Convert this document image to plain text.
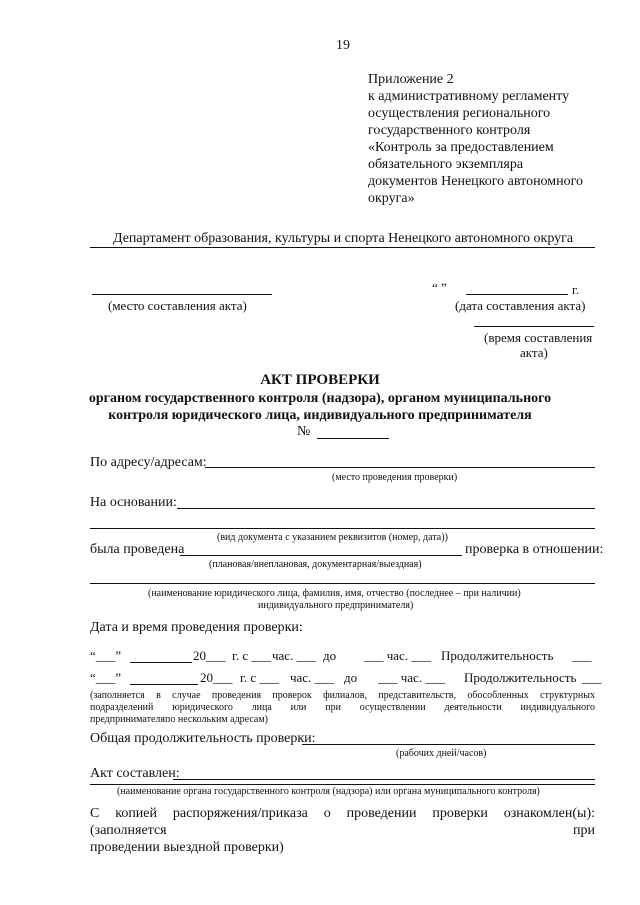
19
Приложение 2
к административному регламенту
осуществления регионального
государственного контроля
«Контроль за предоставлением
обязательного экземпляра
документов Ненецкого автономного
округа»
Департамент образования, культуры и спорта Ненецкого автономного округа
(место составления акта)
“ ”	г.
(дата составления акта)
(время составления
акта)
АКТ ПРОВЕРКИ
органом государственного контроля (надзора), органом муниципального
контроля юридического лица, индивидуального предпринимателя
№
По адресу/адресам:
(место проведения проверки)
На основании:
(вид документа с указанием реквизитов (номер, дата))
была проведена	проверка в отношении:
(плановая/внеплановая, документарная/выездная)
(наименование юридического лица, фамилия, имя, отчество (последнее – при наличии)
индивидуального предпринимателя)
Дата и время проведения проверки:
“___”	20___ г. с ___ час. ___ до ___ час. ___ Продолжительность ___
“___”	20___ г. с ___ час. ___ до ___ час. ___ Продолжительность ___
(заполняется в случае проведения проверок филиалов, представительств, обособленных структурных
подразделений юридического лица или при осуществлении деятельности индивидуального
предпринимателяпо нескольким адресам)
Общая продолжительность проверки:
(рабочих дней/часов)
Акт составлен:
(наименование органа государственного контроля (надзора) или органа муниципального контроля)
С копией распоряжения/приказа о проведении проверки ознакомлен(ы): (заполняется при
проведении выездной проверки)
